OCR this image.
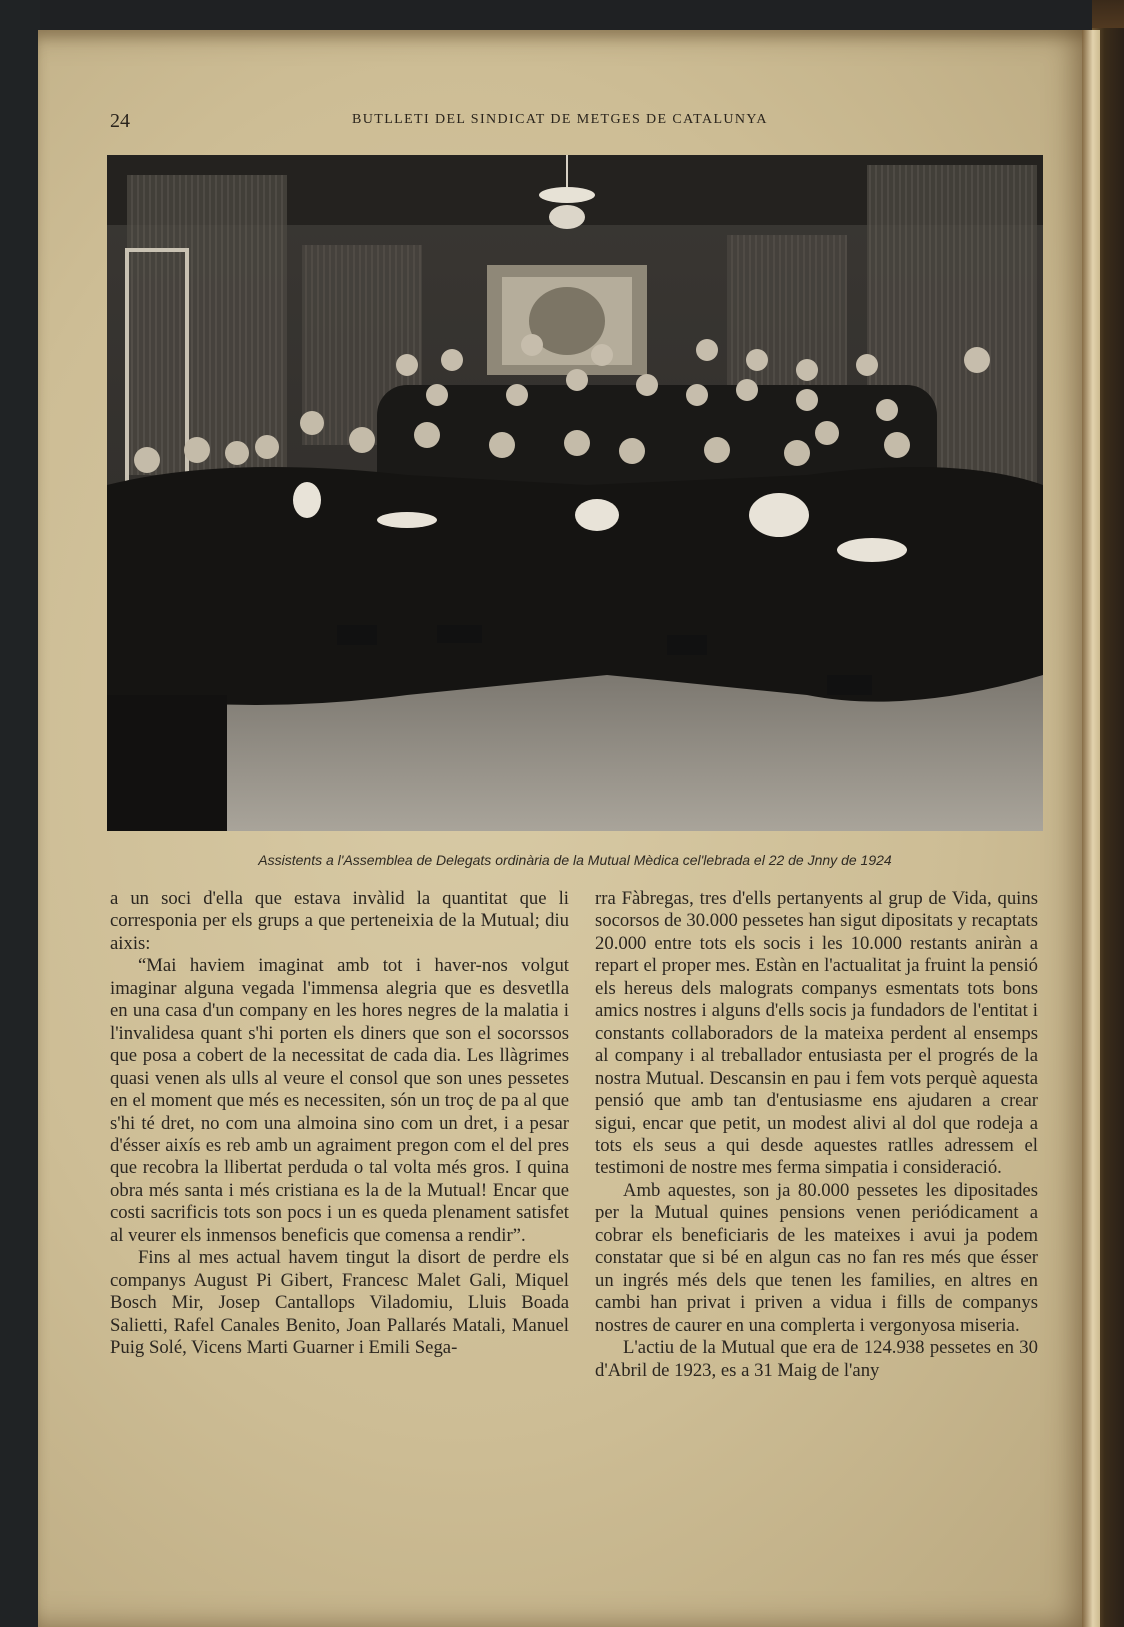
24	BUTLLETI DEL SINDICAT DE METGES DE CATALUNYA
Assistents a l'Assemblea de Delegats ordinària de la Mutual Mèdica cel'lebrada el 22 de Jnny de 1924

a un soci d'ella que estava invàlid la quantitat que li corresponia per els grups a que perteneixia de la Mutual; diu aixis:

“Mai haviem imaginat amb tot i haver-nos volgut imaginar alguna vegada l'immensa alegria que es desvetlla en una casa d'un company en les hores negres de la malatia i l'invalidesa quant s'hi porten els diners que son el socorssos que posa a cobert de la necessitat de cada dia. Les llàgrimes quasi venen als ulls al veure el consol que son unes pessetes en el moment que més es necessiten, són un troç de pa al que s'hi té dret, no com una almoina sino com un dret, i a pesar d'ésser aixís es reb amb un agraiment pregon com el del pres que recobra la llibertat perduda o tal volta més gros. I quina obra més santa i més cristiana es la de la Mutual! Encar que costi sacrificis tots son pocs i un es queda plenament satisfet al veurer els inmensos beneficis que comensa a rendir”.

Fins al mes actual havem tingut la disort de perdre els companys August Pi Gibert, Francesc Malet Gali, Miquel Bosch Mir, Josep Cantallops Viladomiu, Lluis Boada Salietti, Rafel Canales Benito, Joan Pallarés Matali, Manuel Puig Solé, Vicens Marti Guarner i Emili Sega-

rra Fàbregas, tres d'ells pertanyents al grup de Vida, quins socorsos de 30.000 pessetes han sigut dipositats y recaptats 20.000 entre tots els socis i les 10.000 restants aniràn a repart el proper mes. Estàn en l'actualitat ja fruint la pensió els hereus dels malograts companys esmentats tots bons amics nostres i alguns d'ells socis ja fundadors de l'entitat i constants collaboradors de la mateixa perdent al ensemps al company i al treballador entusiasta per el progrés de la nostra Mutual. Descansin en pau i fem vots perquè aquesta pensió que amb tan d'entusiasme ens ajudaren a crear sigui, encar que petit, un modest alivi al dol que rodeja a tots els seus a qui desde aquestes ratlles adressem el testimoni de nostre mes ferma simpatia i consideració.

Amb aquestes, son ja 80.000 pessetes les dipositades per la Mutual quines pensions venen periódicament a cobrar els beneficiaris de les mateixes i avui ja podem constatar que si bé en algun cas no fan res més que ésser un ingrés més dels que tenen les families, en altres en cambi han privat i priven a vidua i fills de companys nostres de caurer en una complerta i vergonyosa miseria.

L'actiu de la Mutual que era de 124.938 pessetes en 30 d'Abril de 1923, es a 31 Maig de l'any
